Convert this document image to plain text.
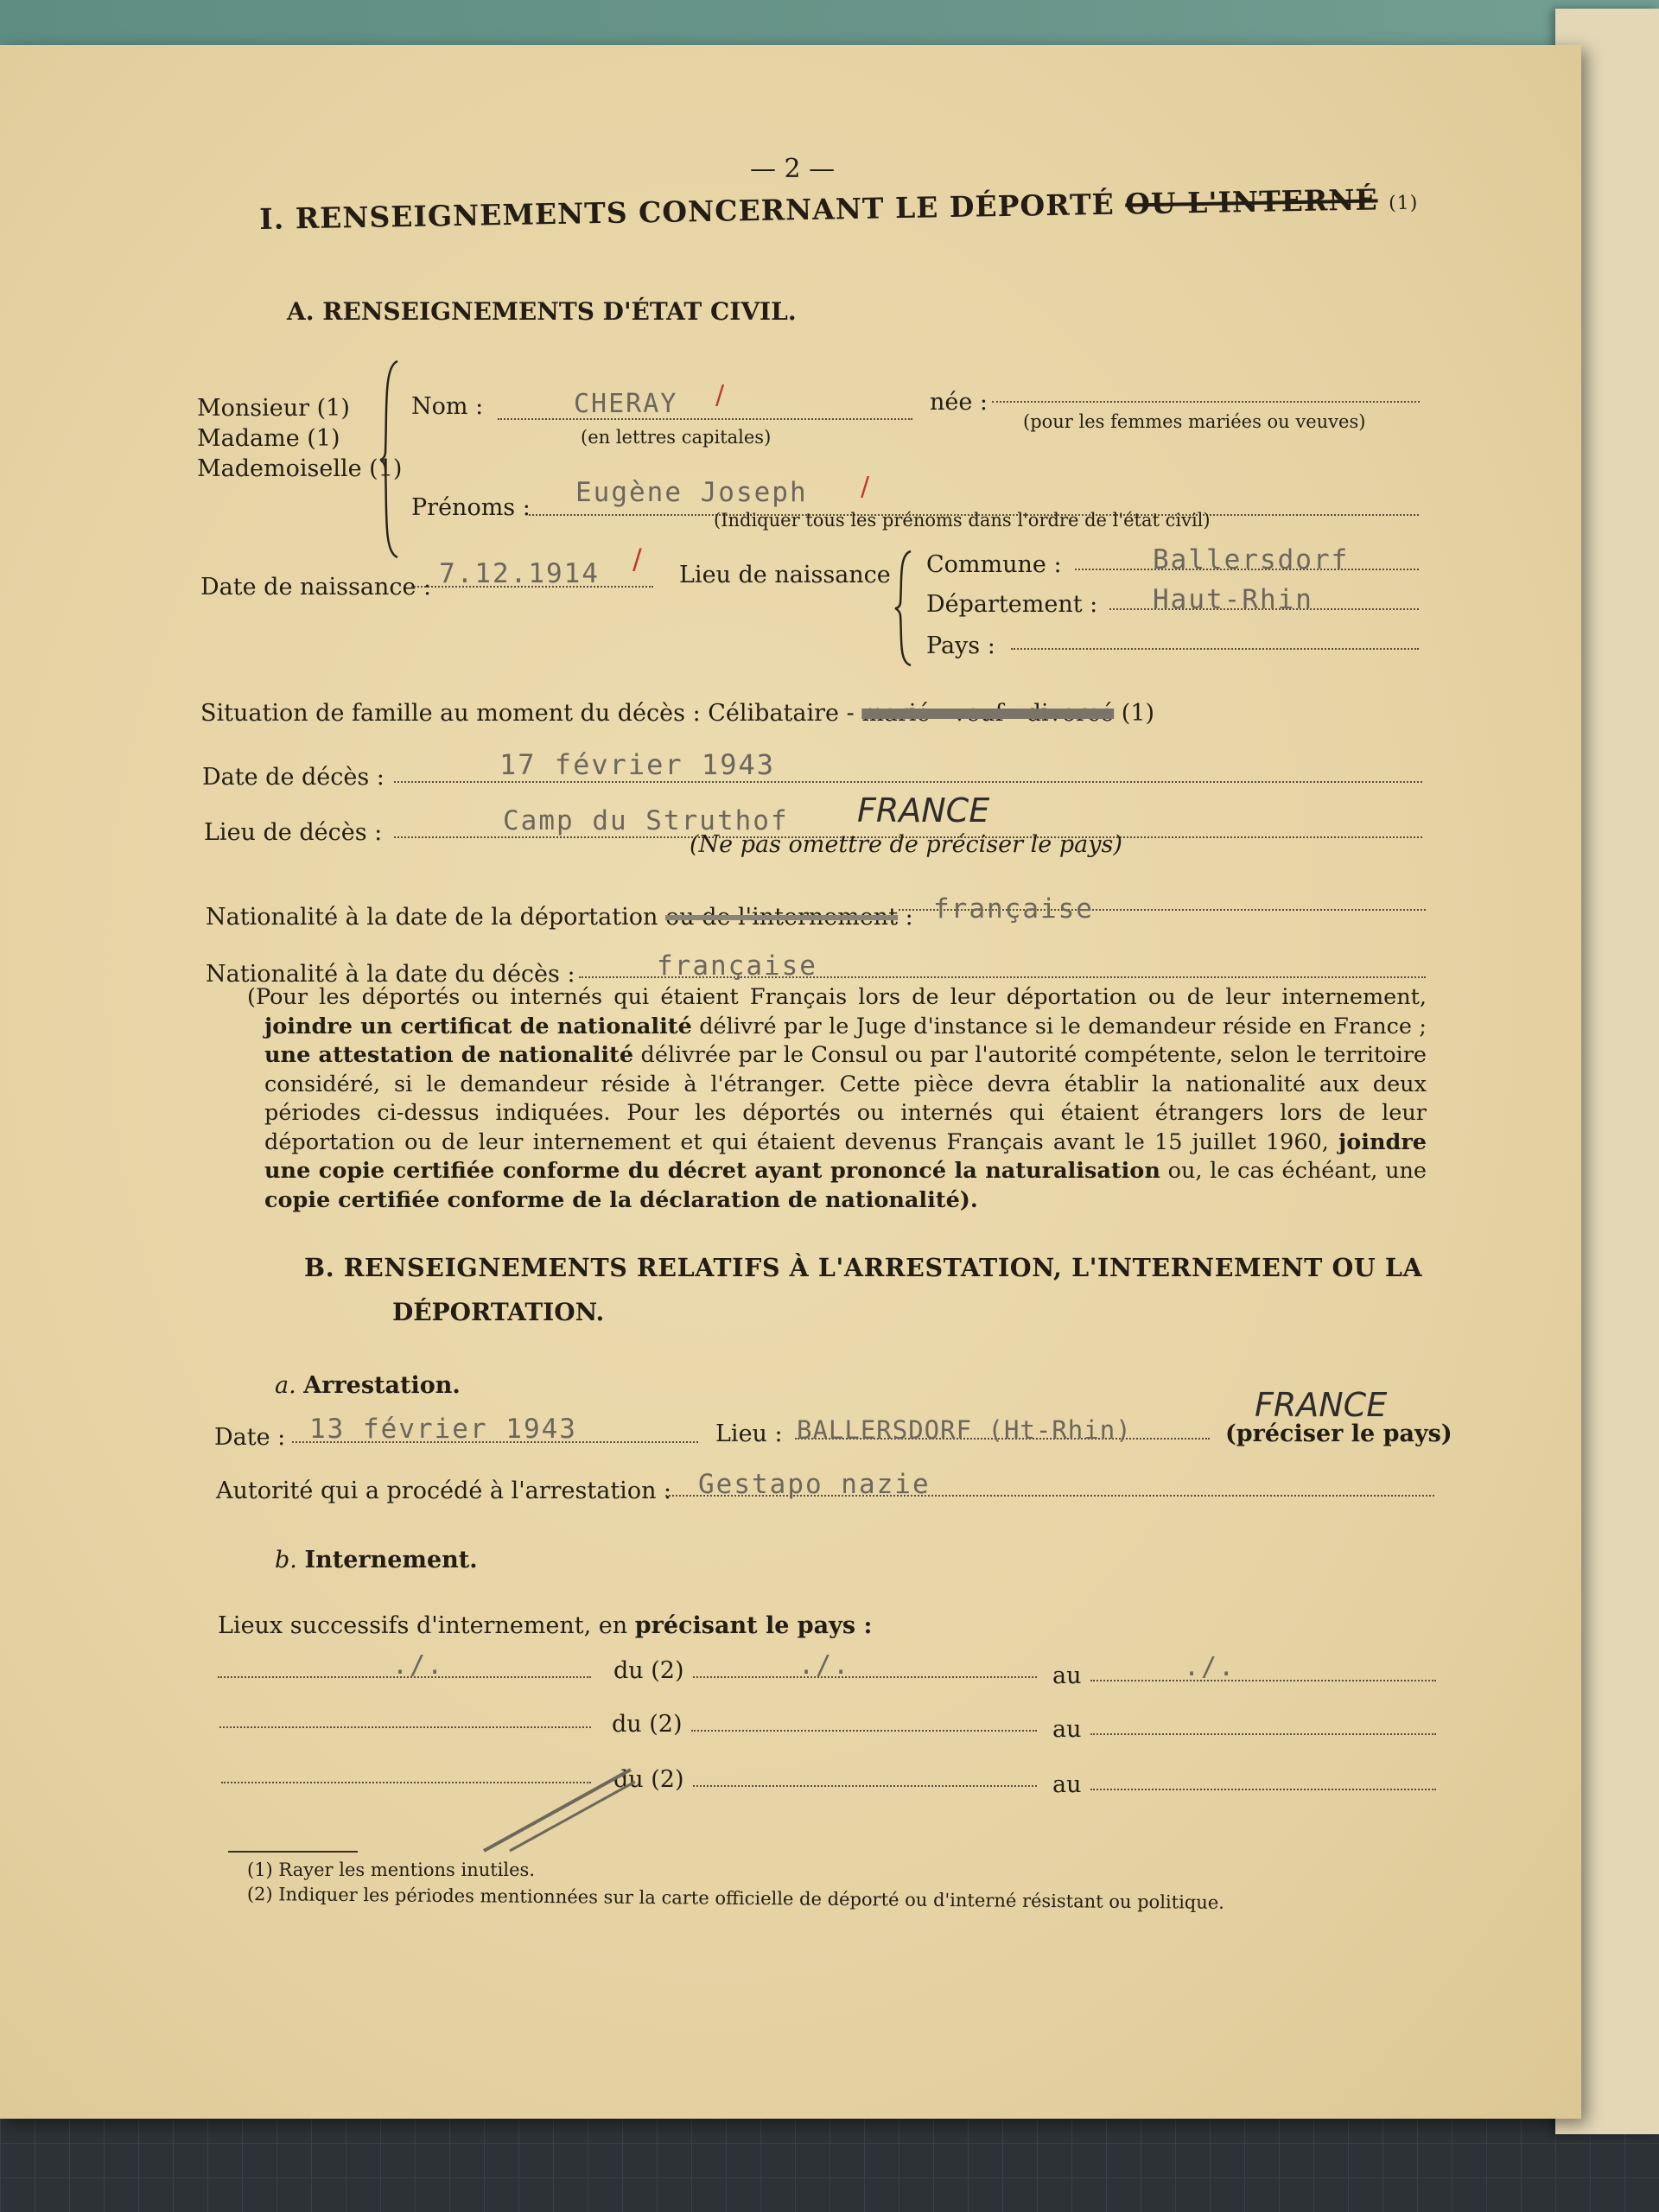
— 2 —
I. RENSEIGNEMENTS CONCERNANT LE DÉPORTÉ OU L'INTERNÉ (1)
A. RENSEIGNEMENTS D'ÉTAT CIVIL.
Monsieur (1)
Madame (1)
Mademoiselle (1)
Nom :	CHERAY /
(en lettres capitales)
née :
(pour les femmes mariées ou veuves)
Prénoms : Eugène Joseph /
(Indiquer tous les prénoms dans l'ordre de l'état civil)
Date de naissance : 7.12.1914 / Lieu de naissance Commune :	Ballersdorf
Département : Haut-Rhin
Pays :
Situation de famille au moment du décès : Célibataire - marié - veuf - divorcé (1)
Date de décès :	17 février 1943
Lieu de décès :	Camp du Struthof FRANCE
(Ne pas omettre de préciser le pays)
Nationalité à la date de la déportation ou de l'internement : française
Nationalité à la date du décès :	française

(Pour les déportés ou internés qui étaient Français lors de leur déportation ou de leur internement, joindre un certificat de nationalité délivré par le Juge d'instance si le demandeur réside en France ; une attestation de nationalité délivrée par le Consul ou par l'autorité compétente, selon le territoire considéré, si le demandeur réside à l'étranger. Cette pièce devra établir la nationalité aux deux périodes ci-dessus indiquées. Pour les déportés ou internés qui étaient étrangers lors de leur déportation ou de leur internement et qui étaient devenus Français avant le 15 juillet 1960, joindre une copie certifiée conforme du décret ayant prononcé la naturalisation ou, le cas échéant, une copie certifiée conforme de la déclaration de nationalité).

B. RENSEIGNEMENTS RELATIFS À L'ARRESTATION, L'INTERNEMENT OU LA
DÉPORTATION.
a. Arrestation.
Date : 13 février 1943	Lieu : BALLERSDORF (Ht-Rhin)
FRANCE
(préciser le pays)
Autorité qui a procédé à l'arrestation : Gestapo nazie
b. Internement.
Lieux successifs d'internement, en précisant le pays :
./.	du (2)	./.	au	./.
du (2)	au
du (2)	au
(1) Rayer les mentions inutiles.
(2) Indiquer les périodes mentionnées sur la carte officielle de déporté ou d'interné résistant ou politique.
